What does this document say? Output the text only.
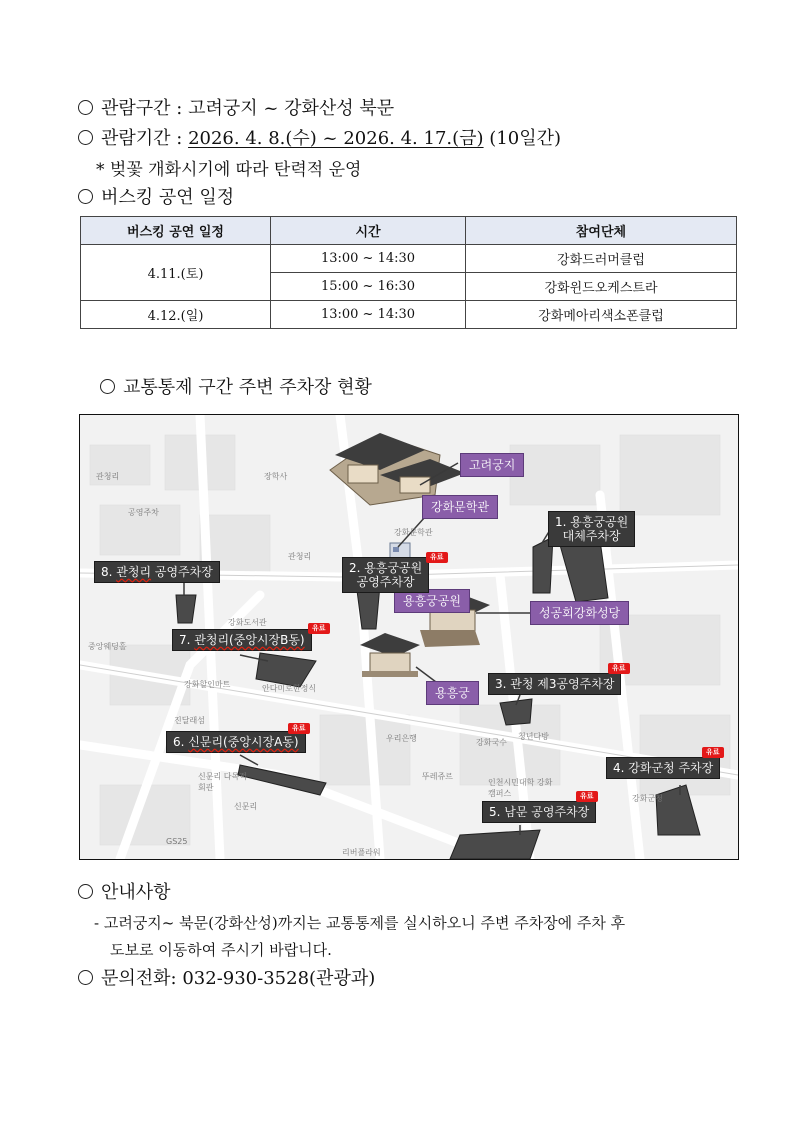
관람구간 : 고려궁지 ~ 강화산성 북문
관람기간 : 2026. 4. 8.(수) ~ 2026. 4. 17.(금) (10일간)
* 벚꽃 개화시기에 따라 탄력적 운영
버스킹 공연 일정
버스킹 공연 일정	시간	참여단체
4.11.(토)	13:00 ~ 14:30	강화드러머클럽
	15:00 ~ 16:30	강화윈드오케스트라
4.12.(일)	13:00 ~ 14:30	강화메아리색소폰클럽
교통통제 구간 주변 주차장 현황
관청리
우리은행	강화국수
청년다방
뚜레쥬르
인천시민대학 강화캠퍼스
강화군청
신문리 다목적회관
리버플라워
중앙웨딩홀
강화할인마트	안다미로한정식
진달래섬
GS25
강화도서관
공영주차
장학사
강화문학관
관청리
신문리
고려궁지
강화문학관
용흥궁공원
성공회강화성당
용흥궁
1. 용흥궁공원
대체주차장
2. 용흥궁공원
공영주차장
유료
3. 관청 제3공영주차장
유료
4. 강화군청 주차장
유료
5. 남문 공영주차장
유료
6. 신문리(중앙시장A동)
유료
7. 관청리(중앙시장B동)
유료
8. 관청리 공영주차장
안내사항
- 고려궁지~ 북문(강화산성)까지는 교통통제를 실시하오니 주변 주차장에 주차 후
도보로 이동하여 주시기 바랍니다.
문의전화: 032-930-3528(관광과)
